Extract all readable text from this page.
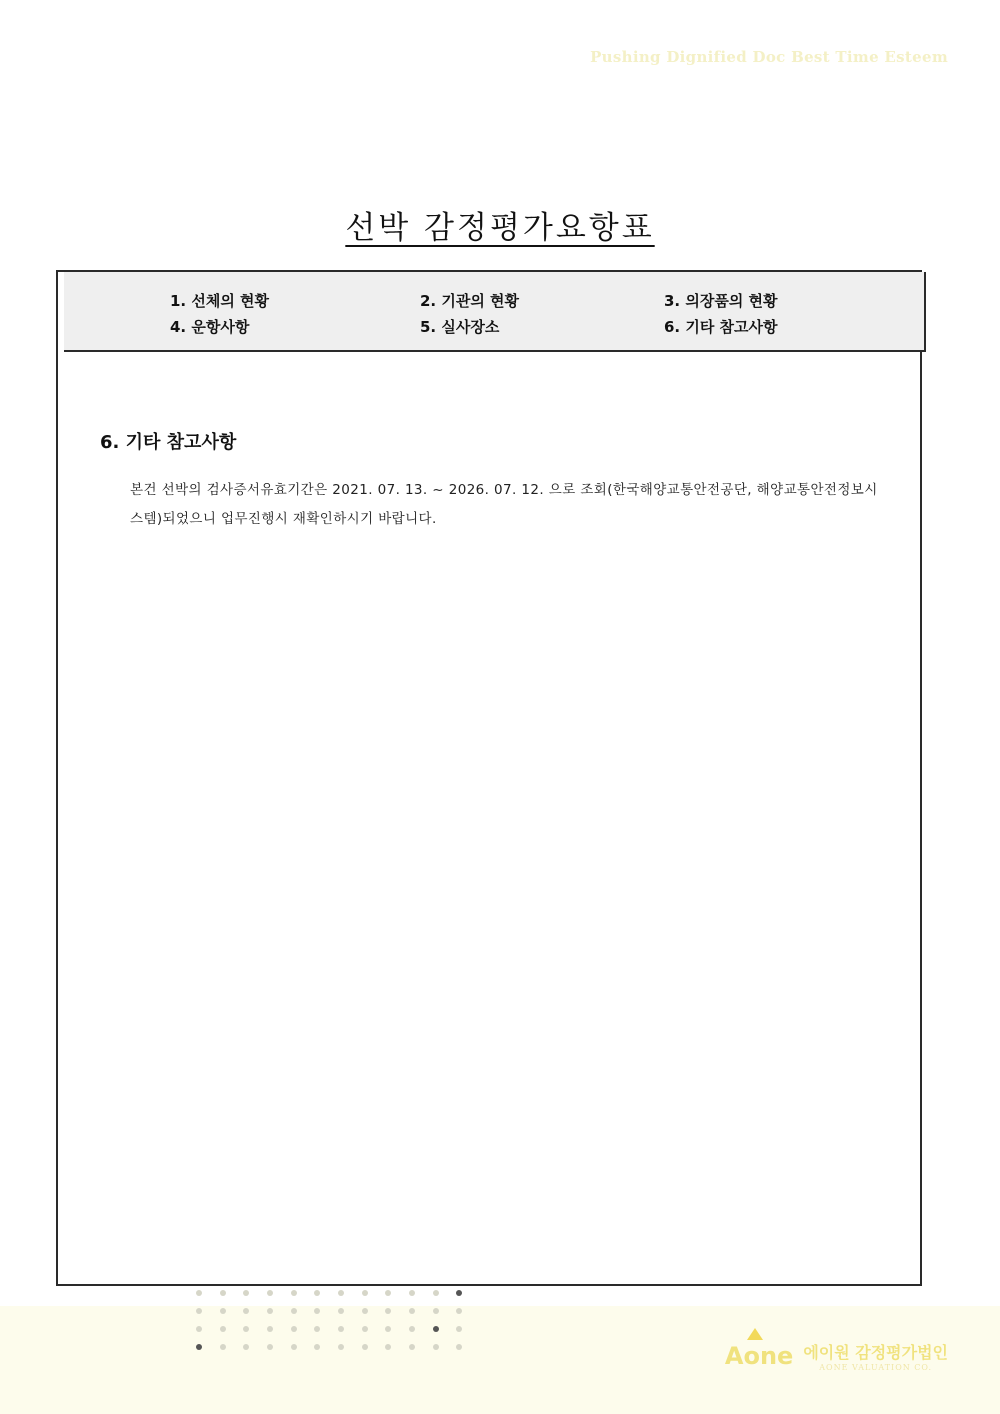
Pushing Dignified Doc Best Time Esteem
선박 감정평가요항표
1. 선체의 현황	2. 기관의 현황	3. 의장품의 현황
4. 운항사항	5. 실사장소	6. 기타 참고사항
6. 기타 참고사항

본건 선박의 검사증서유효기간은 2021. 07. 13. ~ 2026. 07. 12. 으로 조회(한국해양교통안전공단, 해양교통안전정보시스템)되었으니 업무진행시 재확인하시기 바랍니다.

Aone 에이원 감정평가법인
AONE VALUATION CO.
